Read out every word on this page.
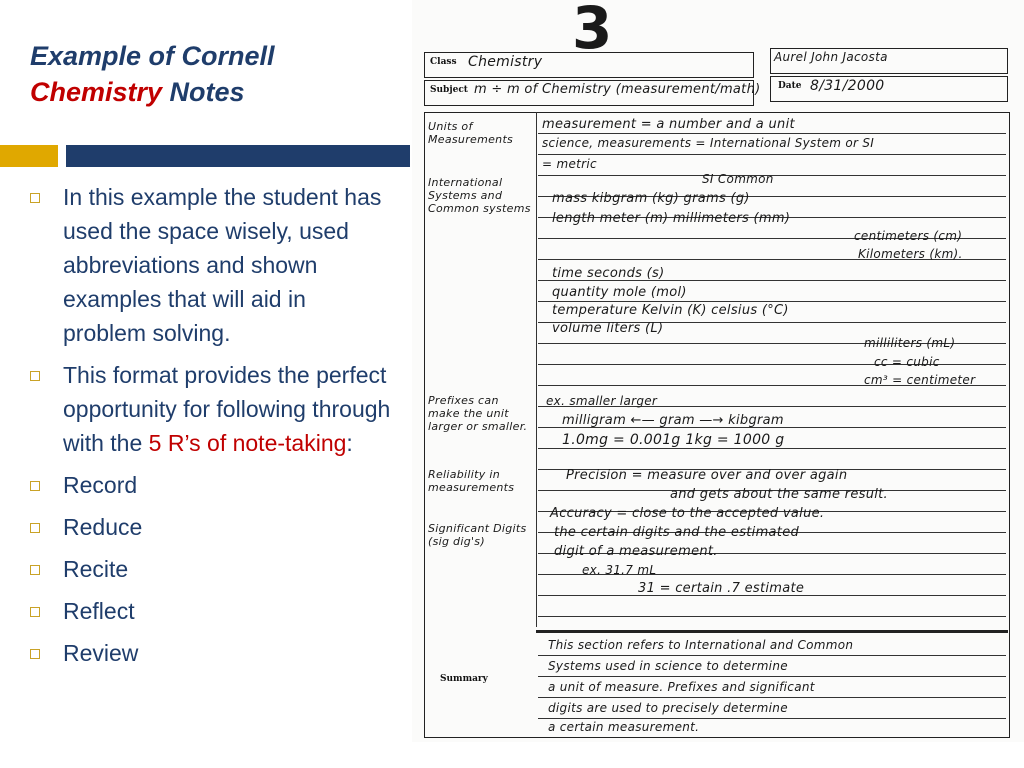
Example of Cornell
Chemistry Notes
In this example the student has used the space wisely, used abbreviations and shown examples that will aid in problem solving.
This format provides the perfect opportunity for following through with the 5 R’s of note-taking:
Record
Reduce
Recite
Reflect
Review
3
Class Chemistry	Aurel John Jacosta
Subject m ÷ m of Chemistry (measurement/math) Date 8/31/2000
Units of Measurements
International Systems and Common systems
Prefixes can make the unit larger or smaller.
Reliability in measurements
Significant Digits (sig dig's)
Summary
measurement = a number and a unit
science, measurements = International System or SI
= metric
SI Common
mass kibgram (kg) grams (g)
length meter (m) millimeters (mm)
centimeters (cm)
Kilometers (km).
time seconds (s)
quantity mole (mol)
temperature Kelvin (K) celsius (°C)
volume liters (L)
milliliters (mL)
cc = cubic
cm³ = centimeter
ex. smaller larger
milligram ←— gram —→ kibgram
1.0mg = 0.001g 1kg = 1000 g
Precision = measure over and over again
and gets about the same result.
Accuracy = close to the accepted value.
the certain digits and the estimated
digit of a measurement.
ex. 31.7 mL
31 = certain .7 estimate
This section refers to International and Common
Systems used in science to determine
a unit of measure. Prefixes and significant
digits are used to precisely determine
a certain measurement.
